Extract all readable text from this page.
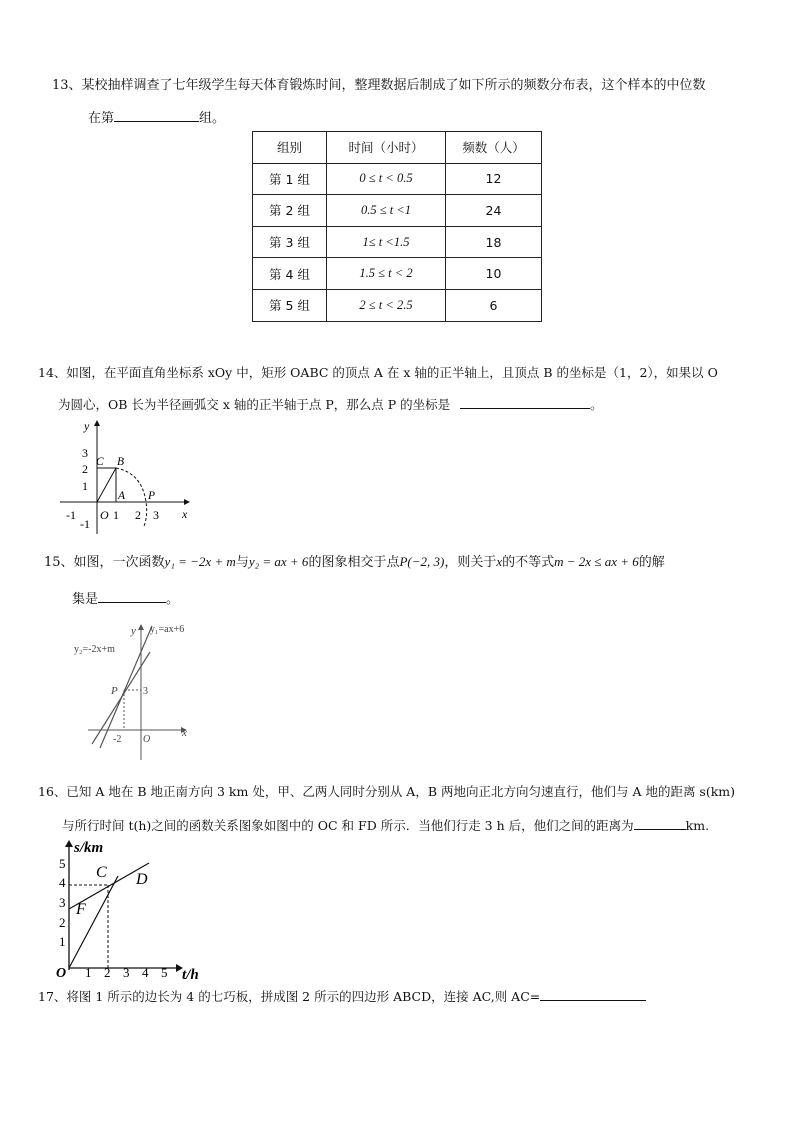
13、某校抽样调查了七年级学生每天体育锻炼时间，整理数据后制成了如下所示的频数分布表，这个样本的中位数
在第	组。
组别	时间（小时）	频数（人）
第 1 组	0 ≤ t < 0.5	12
第 2 组	0.5 ≤ t <1	24
第 3 组	1≤ t <1.5	18
第 4 组	1.5 ≤ t < 2	10
第 5 组	2 ≤ t < 2.5	6
14、如图，在平面直角坐标系 xOy 中，矩形 OABC 的顶点 A 在 x 轴的正半轴上，且顶点 B 的坐标是（1，2），如果以 O
为圆心，OB 长为半径画弧交 x 轴的正半轴于点 P，那么点 P 的坐标是	。
y
x
3
2
1
-1
-1	1 2 3
O
C B
A P
15、如图，一次函数y₁ = −2x + m与y₂ = ax + 6的图象相交于点P(−2, 3)，则关于x的不等式m − 2x ≤ ax + 6的解
集是	。
y
x
y₁=ax+6
y₂=-2x+m
P	3
-2 O
16、已知 A 地在 B 地正南方向 3 km 处，甲、乙两人同时分别从 A，B 两地向正北方向匀速直行，他们与 A 地的距离 s(km)
与所行时间 t(h)之间的函数关系图象如图中的 OC 和 FD 所示．当他们行走 3 h 后，他们之间的距离为	km.
s/km
t/h
5
4
3
2
1
1 2 3 4 5
O
C D
F
17、将图 1 所示的边长为 4 的七巧板，拼成图 2 所示的四边形 ABCD，连接 AC,则 AC=
